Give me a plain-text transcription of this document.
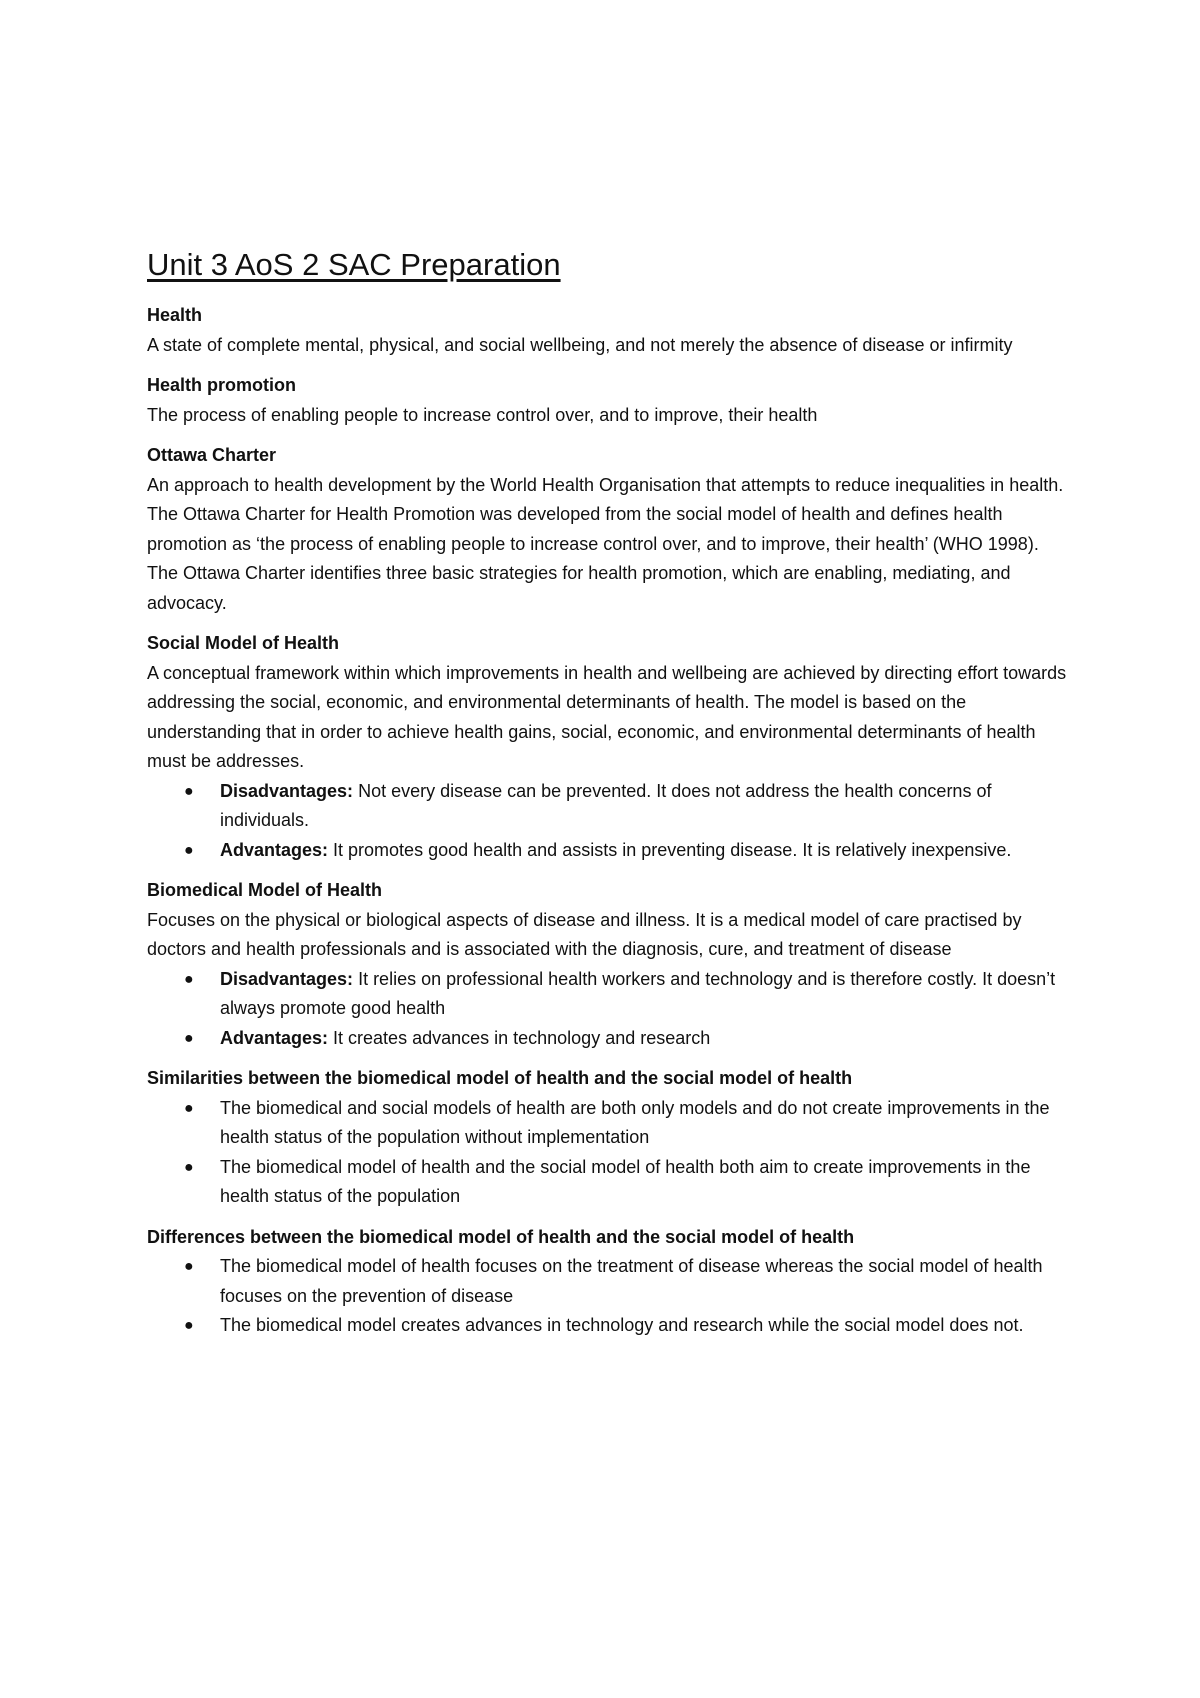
Unit 3 AoS 2 SAC Preparation

Health

A state of complete mental, physical, and social wellbeing, and not merely the absence of disease or infirmity

Health promotion

The process of enabling people to increase control over, and to improve, their health

Ottawa Charter

An approach to health development by the World Health Organisation that attempts to reduce inequalities in health. The Ottawa Charter for Health Promotion was developed from the social model of health and defines health promotion as ‘the process of enabling people to increase control over, and to improve, their health’ (WHO 1998). The Ottawa Charter identifies three basic strategies for health promotion, which are enabling, mediating, and advocacy.

Social Model of Health

A conceptual framework within which improvements in health and wellbeing are achieved by directing effort towards addressing the social, economic, and environmental determinants of health. The model is based on the understanding that in order to achieve health gains, social, economic, and environmental determinants of health must be addresses.

● Disadvantages: Not every disease can be prevented. It does not address the health concerns of individuals.
● Advantages: It promotes good health and assists in preventing disease. It is relatively inexpensive.

Biomedical Model of Health

Focuses on the physical or biological aspects of disease and illness. It is a medical model of care practised by doctors and health professionals and is associated with the diagnosis, cure, and treatment of disease

● Disadvantages: It relies on professional health workers and technology and is therefore costly. It doesn’t always promote good health
● Advantages: It creates advances in technology and research

Similarities between the biomedical model of health and the social model of health

● The biomedical and social models of health are both only models and do not create improvements in the health status of the population without implementation
● The biomedical model of health and the social model of health both aim to create improvements in the health status of the population

Differences between the biomedical model of health and the social model of health

● The biomedical model of health focuses on the treatment of disease whereas the social model of health focuses on the prevention of disease
● The biomedical model creates advances in technology and research while the social model does not.
